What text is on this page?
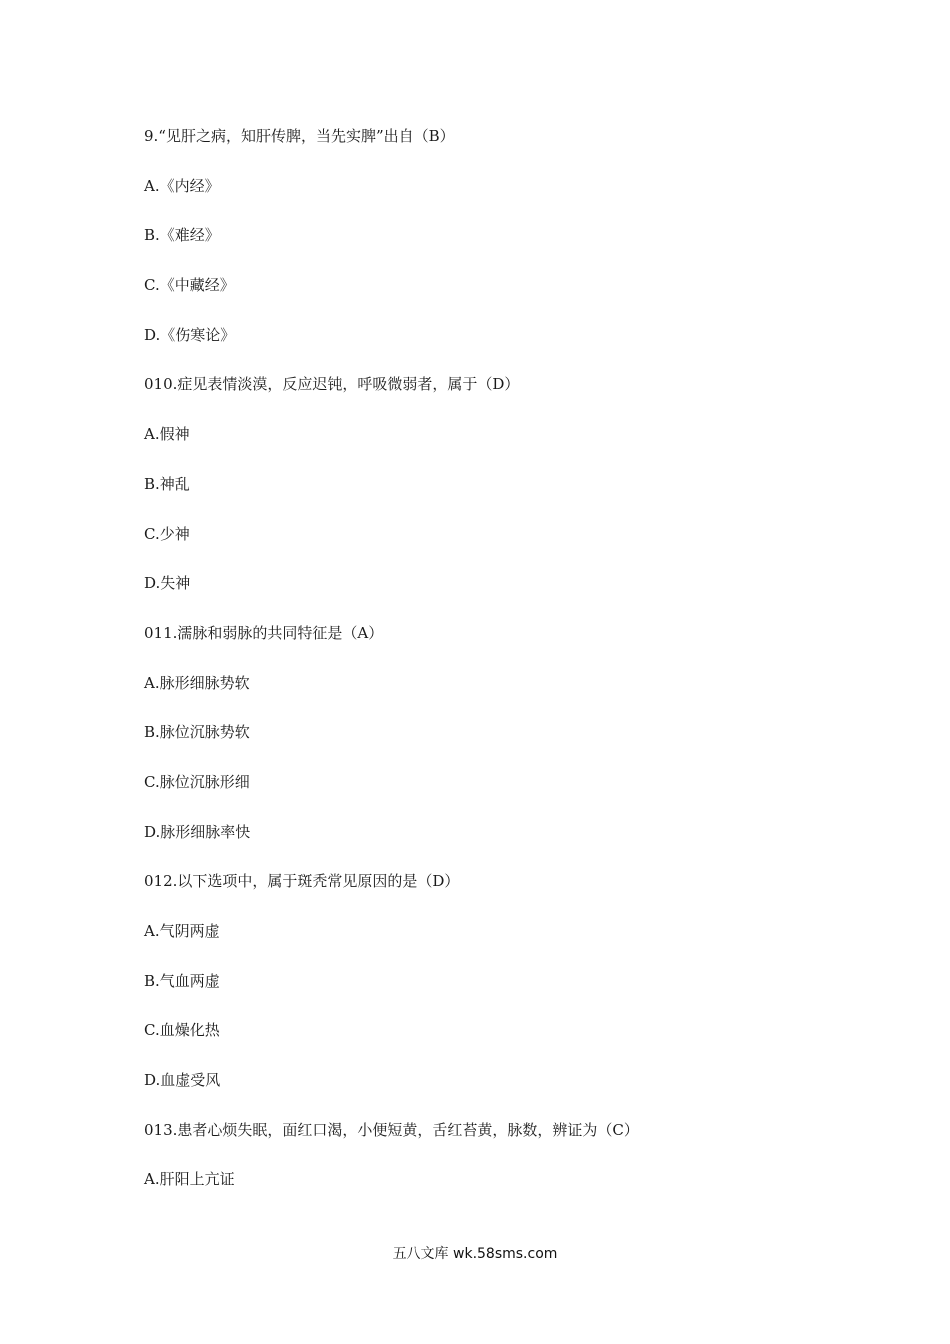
9.“见肝之病，知肝传脾，当先实脾”出自（B）
A.《内经》
B.《难经》
C.《中藏经》
D.《伤寒论》
010.症见表情淡漠，反应迟钝，呼吸微弱者，属于（D）
A.假神
B.神乱
C.少神
D.失神
011.濡脉和弱脉的共同特征是（A）
A.脉形细脉势软
B.脉位沉脉势软
C.脉位沉脉形细
D.脉形细脉率快
012.以下选项中，属于斑秃常见原因的是（D）
A.气阴两虚
B.气血两虚
C.血燥化热
D.血虚受风
013.患者心烦失眠，面红口渴，小便短黄，舌红苔黄，脉数，辨证为（C）
A.肝阳上亢证
五八文库 wk.58sms.com
